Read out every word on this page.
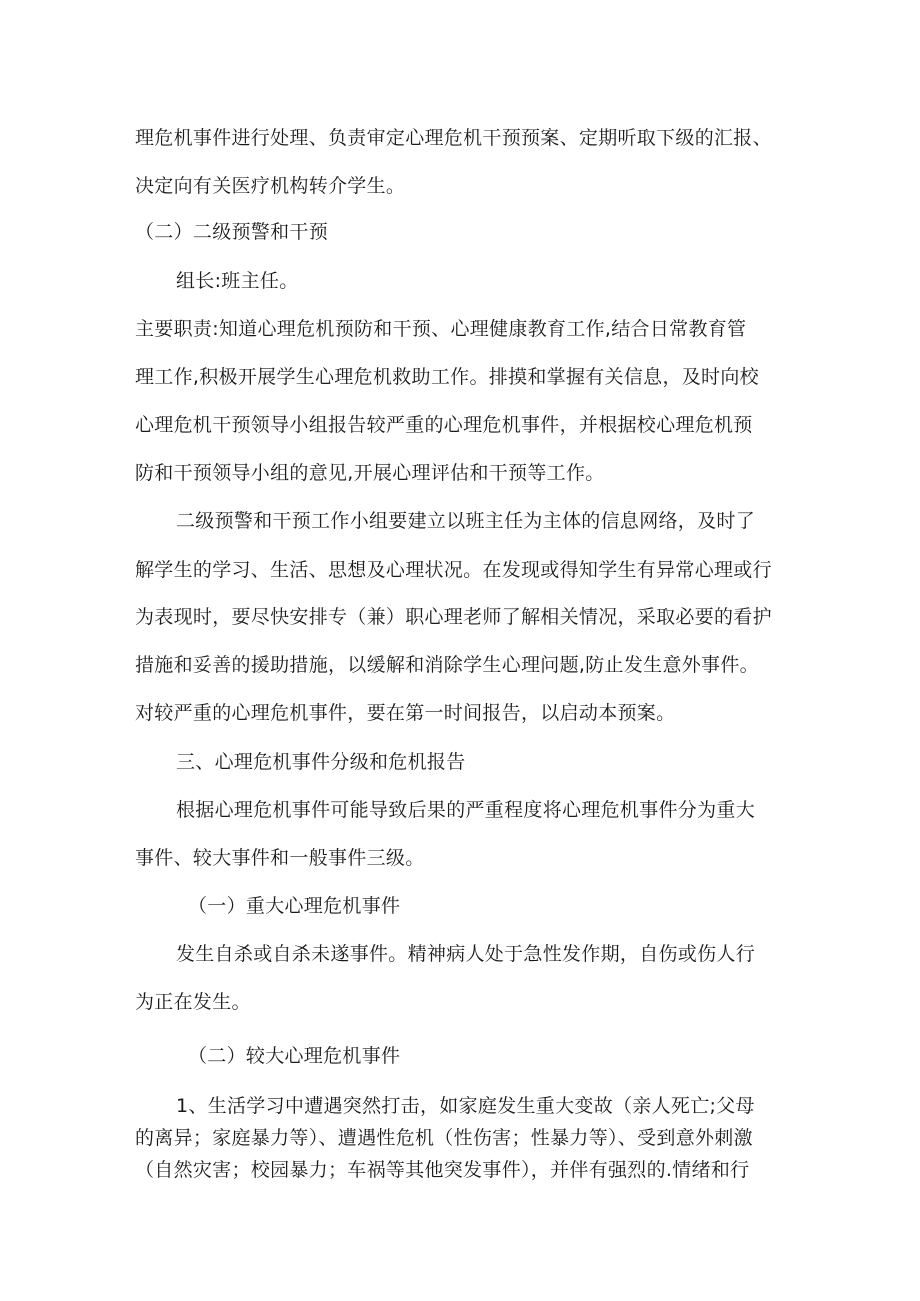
理危机事件进行处理、负责审定心理危机干预预案、定期听取下级的汇报、
决定向有关医疗机构转介学生。
（二）二级预警和干预
组长:班主任。
主要职责:知道心理危机预防和干预、心理健康教育工作,结合日常教育管
理工作,积极开展学生心理危机救助工作。排摸和掌握有关信息，及时向校
心理危机干预领导小组报告较严重的心理危机事件，并根据校心理危机预
防和干预领导小组的意见,开展心理评估和干预等工作。
二级预警和干预工作小组要建立以班主任为主体的信息网络，及时了
解学生的学习、生活、思想及心理状况。在发现或得知学生有异常心理或行
为表现时，要尽快安排专（兼）职心理老师了解相关情况，采取必要的看护
措施和妥善的援助措施，以缓解和消除学生心理问题,防止发生意外事件。
对较严重的心理危机事件，要在第一时间报告，以启动本预案。
三、心理危机事件分级和危机报告
根据心理危机事件可能导致后果的严重程度将心理危机事件分为重大
事件、较大事件和一般事件三级。
（一）重大心理危机事件
发生自杀或自杀未遂事件。精神病人处于急性发作期，自伤或伤人行
为正在发生。
（二）较大心理危机事件
1、生活学习中遭遇突然打击，如家庭发生重大变故（亲人死亡;父母
的离异；家庭暴力等）、遭遇性危机（性伤害；性暴力等）、受到意外刺激
（自然灾害；校园暴力；车祸等其他突发事件），并伴有强烈的.情绪和行
